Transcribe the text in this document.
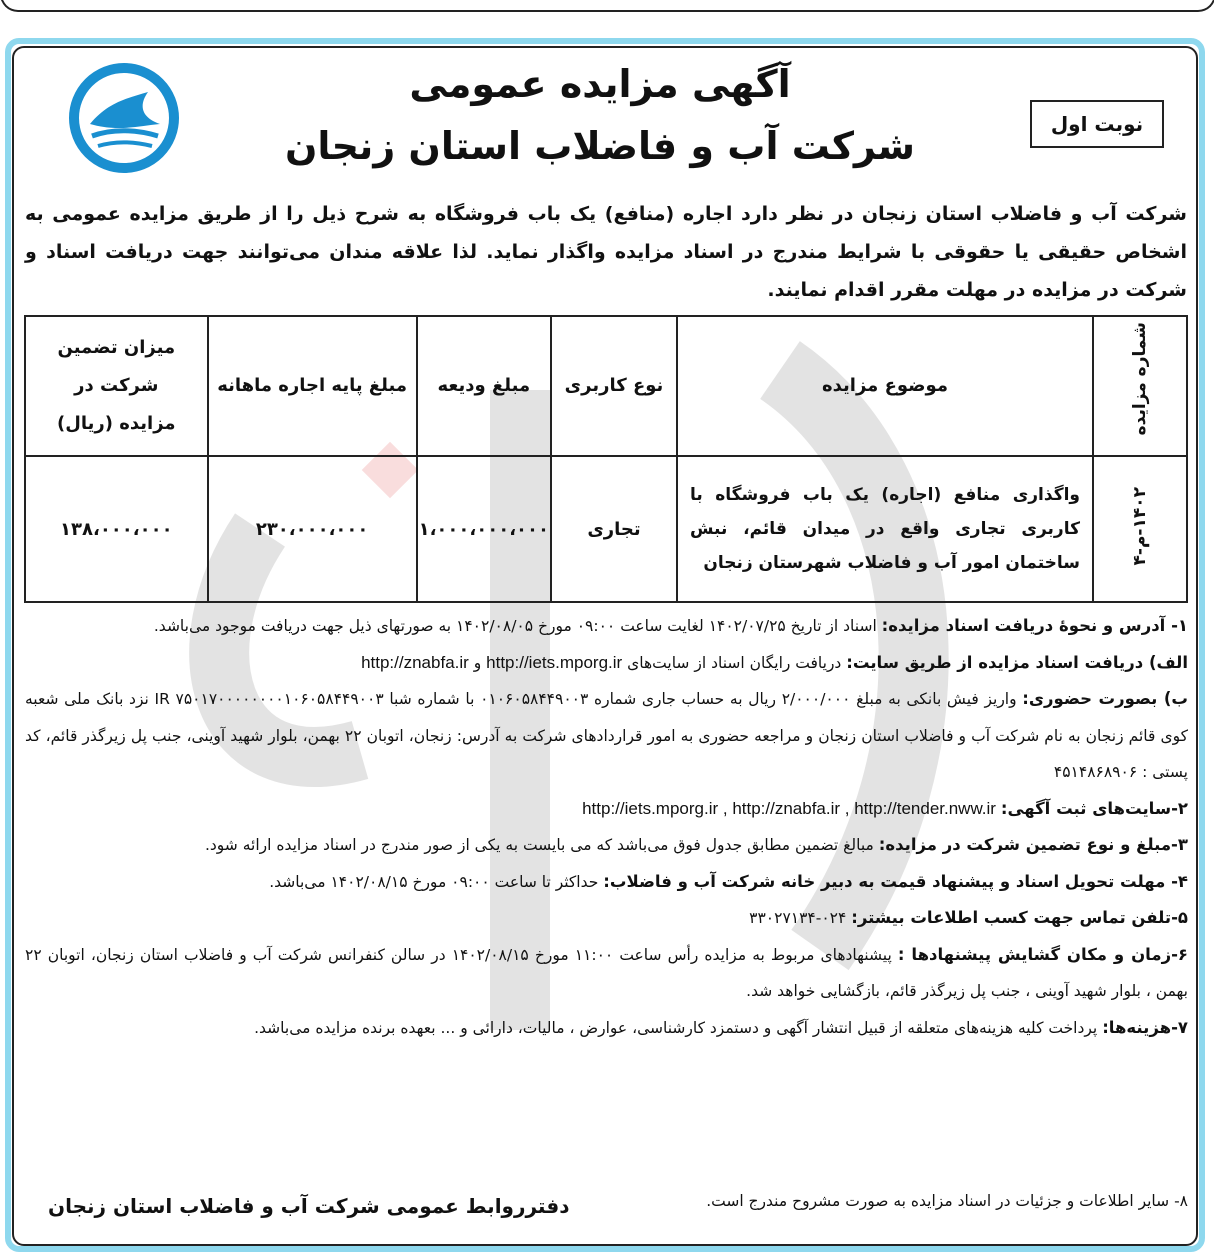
آگهی مزایده عمومی
شرکت آب و فاضلاب استان زنجان	نوبت اول
شرکت آب و فاضلاب استان زنجان در نظر دارد اجاره (منافع) یک باب فروشگاه به شرح ذیل را از طریق مزایده عمومی به اشخاص حقیقی یا حقوقی با شرایط مندرج در اسناد مزایده واگذار نماید. لذا علاقه مندان می‌توانند جهت دریافت اسناد و شرکت در مزایده در مهلت مقرر اقدام نمایند.
شماره مزایده	موضوع مزایده	نوع کاربری	مبلغ ودیعه	مبلغ پایه اجاره ماهانه	میزان تضمین شرکت در مزایده (ریال)
۱۴۰۲-م-۴	واگذاری منافع (اجاره) یک باب فروشگاه با کاربری تجاری واقع در میدان قائم، نبش ساختمان امور آب و فاضلاب شهرستان زنجان	تجاری	۱،۰۰۰،۰۰۰،۰۰۰	۲۳۰،۰۰۰،۰۰۰	۱۳۸،۰۰۰،۰۰۰

۱- آدرس و نحوهٔ دریافت اسناد مزایده: اسناد از تاریخ ۱۴۰۲/۰۷/۲۵ لغایت ساعت ۰۹:۰۰ مورخ ۱۴۰۲/۰۸/۰۵ به صورتهای ذیل جهت دریافت موجود می‌باشد.

الف) دریافت اسناد مزایده از طریق سایت: دریافت رایگان اسناد از سایت‌های http://iets.mporg.ir و http://znabfa.ir

ب) بصورت حضوری: واریز فیش بانکی به مبلغ ۲/۰۰۰/۰۰۰ ریال به حساب جاری شماره ۰۱۰۶۰۵۸۴۴۹۰۰۳ با شماره شبا IR ۷۵۰۱۷۰۰۰۰۰۰۰۰۱۰۶۰۵۸۴۴۹۰۰۳ نزد بانک ملی شعبه کوی قائم زنجان به نام شرکت آب و فاضلاب استان زنجان و مراجعه حضوری به امور قراردادهای شرکت به آدرس: زنجان، اتوبان ۲۲ بهمن، بلوار شهید آوینی، جنب پل زیرگذر قائم، کد پستی : ۴۵۱۴۸۶۸۹۰۶

۲-سایت‌های ثبت آگهی: http://iets.mporg.ir , http://znabfa.ir , http://tender.nww.ir

۳-مبلغ و نوع تضمین شرکت در مزایده: مبالغ تضمین مطابق جدول فوق می‌باشد که می بایست به یکی از صور مندرج در اسناد مزایده ارائه شود.

۴- مهلت تحویل اسناد و پیشنهاد قیمت به دبیر خانه شرکت آب و فاضلاب: حداکثر تا ساعت ۰۹:۰۰ مورخ ۱۴۰۲/۰۸/۱۵ می‌باشد.

۵-تلفن تماس جهت کسب اطلاعات بیشتر: ۰۲۴-۳۳۰۲۷۱۳۴

۶-زمان و مکان گشایش پیشنهادها : پیشنهادهای مربوط به مزایده رأس ساعت ۱۱:۰۰ مورخ ۱۴۰۲/۰۸/۱۵ در سالن کنفرانس شرکت آب و فاضلاب استان زنجان، اتوبان ۲۲ بهمن ، بلوار شهید آوینی ، جنب پل زیرگذر قائم، بازگشایی خواهد شد.

۷-هزینه‌ها: پرداخت کلیه هزینه‌های متعلقه از قبیل انتشار آگهی و دستمزد کارشناسی، عوارض ، مالیات، دارائی و ... بعهده برنده مزایده می‌باشد.

۸- سایر اطلاعات و جزئیات در اسناد مزایده به صورت مشروح مندرج است.
دفترروابط عمومی شرکت آب و فاضلاب استان زنجان
